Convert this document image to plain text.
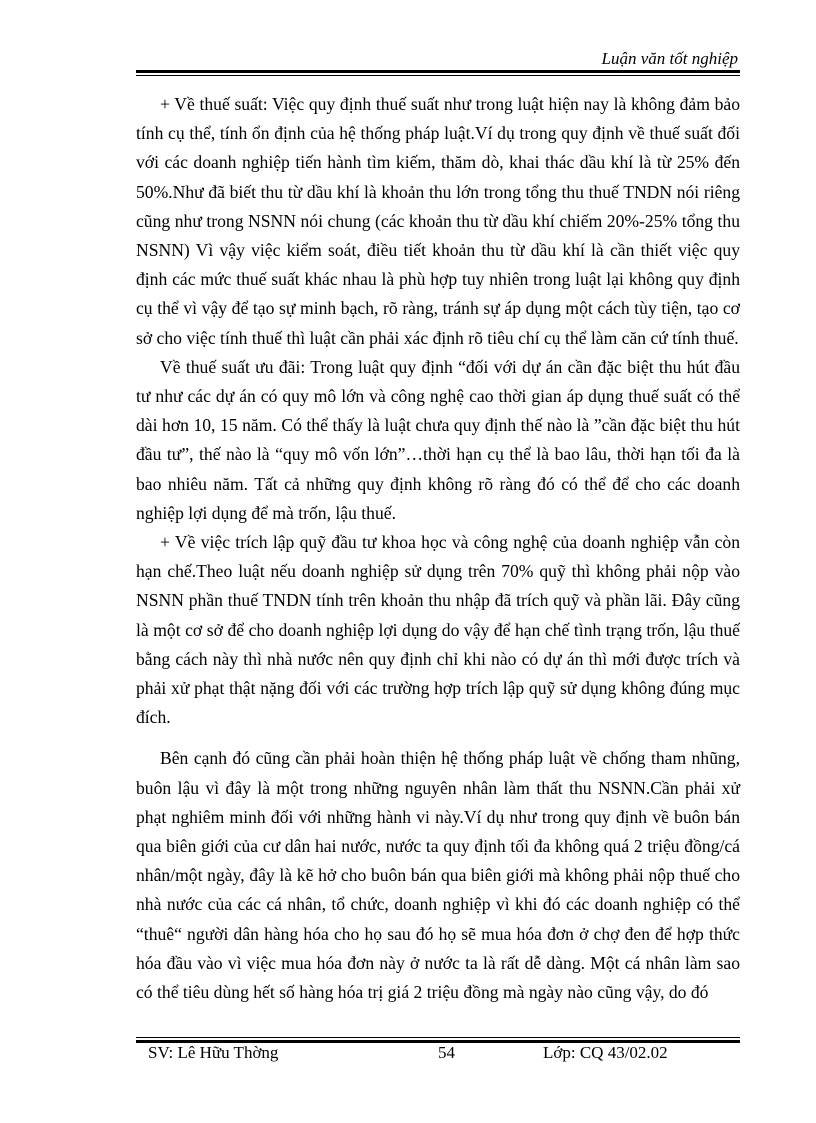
Luận văn tốt nghiệp

+ Về thuế suất: Việc quy định thuế suất như trong luật hiện nay là không đảm bảo tính cụ thể, tính ổn định của hệ thống pháp luật.Ví dụ trong quy định về thuế suất đối với các doanh nghiệp tiến hành tìm kiếm, thăm dò, khai thác dầu khí là từ 25% đến 50%.Như đã biết thu từ dầu khí là khoản thu lớn trong tổng thu thuế TNDN nói riêng cũng như trong NSNN nói chung (các khoản thu từ dầu khí chiếm 20%-25% tổng thu NSNN) Vì vậy việc kiểm soát, điều tiết khoản thu từ dầu khí là cần thiết việc quy định các mức thuế suất khác nhau là phù hợp tuy nhiên trong luật lại không quy định cụ thể vì vậy để tạo sự minh bạch, rõ ràng, tránh sự áp dụng một cách tùy tiện, tạo cơ sở cho việc tính thuế thì luật cần phải xác định rõ tiêu chí cụ thể làm căn cứ tính thuế.

Về thuế suất ưu đãi: Trong luật quy định “đối với dự án cần đặc biệt thu hút đầu tư như các dự án có quy mô lớn và công nghệ cao thời gian áp dụng thuế suất có thể dài hơn 10, 15 năm. Có thể thấy là luật chưa quy định thế nào là ”cần đặc biệt thu hút đầu tư”, thế nào là “quy mô vốn lớn”…thời hạn cụ thể là bao lâu, thời hạn tối đa là bao nhiêu năm. Tất cả những quy định không rõ ràng đó có thể để cho các doanh nghiệp lợi dụng để mà trốn, lậu thuế.

+ Về việc trích lập quỹ đầu tư khoa học và công nghệ của doanh nghiệp vẫn còn hạn chế.Theo luật nếu doanh nghiệp sử dụng trên 70% quỹ thì không phải nộp vào NSNN phần thuế TNDN tính trên khoản thu nhập đã trích quỹ và phần lãi. Đây cũng là một cơ sở để cho doanh nghiệp lợi dụng do vậy để hạn chế tình trạng trốn, lậu thuế bằng cách này thì nhà nước nên quy định chỉ khi nào có dự án thì mới được trích và phải xử phạt thật nặng đối với các trường hợp trích lập quỹ sử dụng không đúng mục đích.

Bên cạnh đó cũng cần phải hoàn thiện hệ thống pháp luật về chống tham nhũng, buôn lậu vì đây là một trong những nguyên nhân làm thất thu NSNN.Cần phải xử phạt nghiêm minh đối với những hành vi này.Ví dụ như trong quy định về buôn bán qua biên giới của cư dân hai nước, nước ta quy định tối đa không quá 2 triệu đồng/cá nhân/một ngày, đây là kẽ hở cho buôn bán qua biên giới mà không phải nộp thuế cho nhà nước của các cá nhân, tổ chức, doanh nghiệp vì khi đó các doanh nghiệp có thể “thuê“ người dân hàng hóa cho họ sau đó họ sẽ mua hóa đơn ở chợ đen để hợp thức hóa đầu vào vì việc mua hóa đơn này ở nước ta là rất dễ dàng. Một cá nhân làm sao có thể tiêu dùng hết số hàng hóa trị giá 2 triệu đồng mà ngày nào cũng vậy, do đó

SV: Lê Hữu Thờng	54	Lớp: CQ 43/02.02
